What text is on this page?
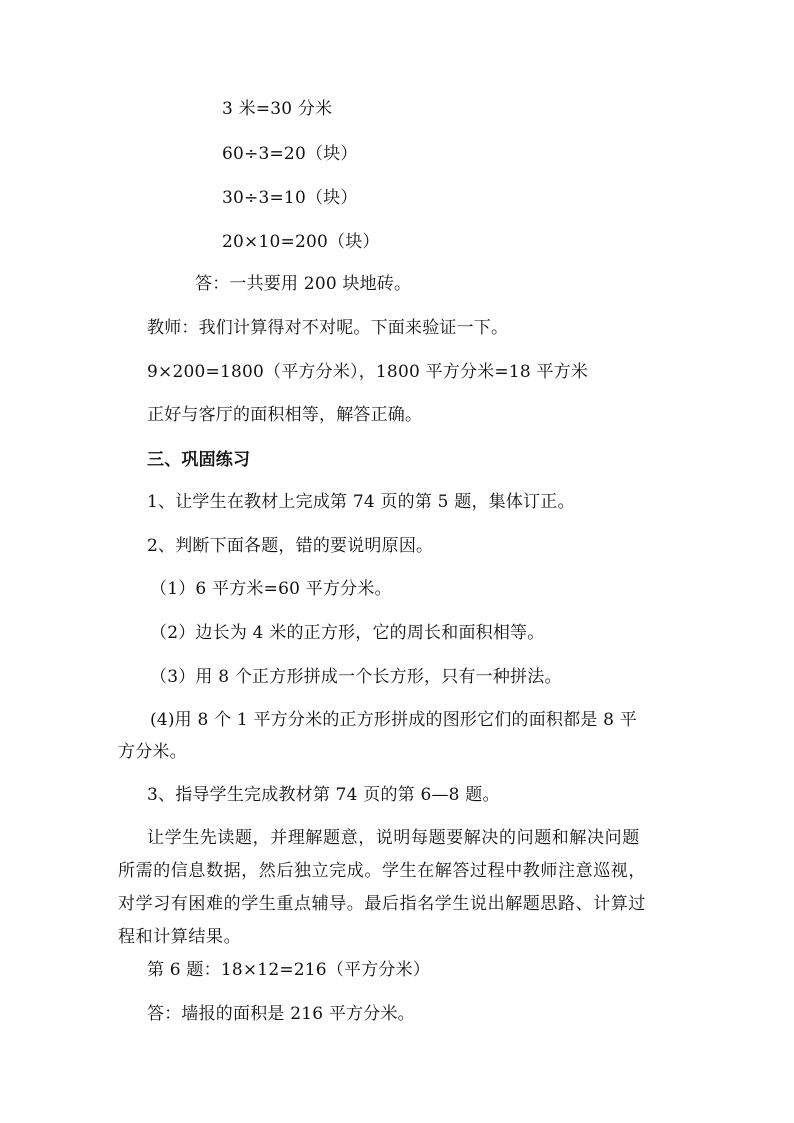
3 米=30 分米
60÷3=20（块）
30÷3=10（块）
20×10=200（块）
答：一共要用 200 块地砖。
教师：我们计算得对不对呢。下面来验证一下。
9×200=1800（平方分米），1800 平方分米=18 平方米
正好与客厅的面积相等，解答正确。
三、巩固练习
1、让学生在教材上完成第 74 页的第 5 题，集体订正。
2、判断下面各题，错的要说明原因。
（1）6 平方米=60 平方分米。
（2）边长为 4 米的正方形，它的周长和面积相等。
（3）用 8 个正方形拼成一个长方形，只有一种拼法。
(4)用 8 个 1 平方分米的正方形拼成的图形它们的面积都是 8 平
方分米。
3、指导学生完成教材第 74 页的第 6—8 题。
让学生先读题，并理解题意，说明每题要解决的问题和解决问题
所需的信息数据，然后独立完成。学生在解答过程中教师注意巡视，
对学习有困难的学生重点辅导。最后指名学生说出解题思路、计算过
程和计算结果。
第 6 题：18×12=216（平方分米）
答：墙报的面积是 216 平方分米。
